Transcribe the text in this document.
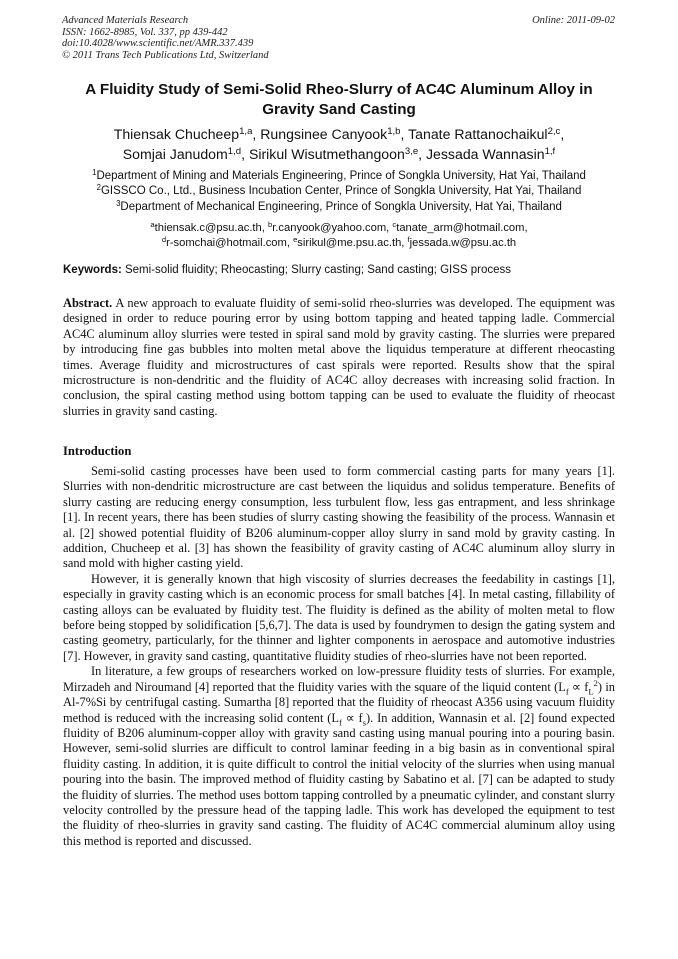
Advanced Materials Research
ISSN: 1662-8985, Vol. 337, pp 439-442
doi:10.4028/www.scientific.net/AMR.337.439
© 2011 Trans Tech Publications Ltd, Switzerland
Online: 2011-09-02
A Fluidity Study of Semi-Solid Rheo-Slurry of AC4C Aluminum Alloy in
Gravity Sand Casting
Thiensak Chucheep$^{1,a}$, Rungsinee Canyook$^{1,b}$, Tanate Rattanochaikul$^{2,c}$,
Somjai Janudom$^{1,d}$, Sirikul Wisutmethangoon$^{3,e}$, Jessada Wannasin$^{1,f}$
$^1$Department of Mining and Materials Engineering, Prince of Songkla University, Hat Yai, Thailand
$^2$GISSCO Co., Ltd., Business Incubation Center, Prince of Songkla University, Hat Yai, Thailand
$^3$Department of Mechanical Engineering, Prince of Songkla University, Hat Yai, Thailand
$^a$thiensak.c@psu.ac.th, $^b$r.canyook@yahoo.com, $^c$tanate_arm@hotmail.com,
$^d$r-somchai@hotmail.com, $^e$sirikul@me.psu.ac.th, $^f$jessada.w@psu.ac.th
Keywords: Semi-solid fluidity; Rheocasting; Slurry casting; Sand casting; GISS process
Abstract. A new approach to evaluate fluidity of semi-solid rheo-slurries was developed. The equipment was designed in order to reduce pouring error by using bottom tapping and heated tapping ladle. Commercial AC4C aluminum alloy slurries were tested in spiral sand mold by gravity casting. The slurries were prepared by introducing fine gas bubbles into molten metal above the liquidus temperature at different rheocasting times. Average fluidity and microstructures of cast spirals were reported. Results show that the spiral microstructure is non-dendritic and the fluidity of AC4C alloy decreases with increasing solid fraction. In conclusion, the spiral casting method using bottom tapping can be used to evaluate the fluidity of rheocast slurries in gravity sand casting.
Introduction

Semi-solid casting processes have been used to form commercial casting parts for many years [1]. Slurries with non-dendritic microstructure are cast between the liquidus and solidus temperature. Benefits of slurry casting are reducing energy consumption, less turbulent flow, less gas entrapment, and less shrinkage [1]. In recent years, there has been studies of slurry casting showing the feasibility of the process. Wannasin et al. [2] showed potential fluidity of B206 aluminum-copper alloy slurry in sand mold by gravity casting. In addition, Chucheep et al. [3] has shown the feasibility of gravity casting of AC4C aluminum alloy slurry in sand mold with higher casting yield.

However, it is generally known that high viscosity of slurries decreases the feedability in castings [1], especially in gravity casting which is an economic process for small batches [4]. In metal casting, fillability of casting alloys can be evaluated by fluidity test. The fluidity is defined as the ability of molten metal to flow before being stopped by solidification [5,6,7]. The data is used by foundrymen to design the gating system and casting geometry, particularly, for the thinner and lighter components in aerospace and automotive industries [7]. However, in gravity sand casting, quantitative fluidity studies of rheo-slurries have not been reported.

In literature, a few groups of researchers worked on low-pressure fluidity tests of slurries. For example, Mirzadeh and Niroumand [4] reported that the fluidity varies with the square of the liquid content $(L_f \propto f_L^2)$ in Al-7%Si by centrifugal casting. Sumartha [8] reported that the fluidity of rheocast A356 using vacuum fluidity method is reduced with the increasing solid content $(L_f \propto f_s)$. In addition, Wannasin et al. [2] found expected fluidity of B206 aluminum-copper alloy with gravity sand casting using manual pouring into a pouring basin. However, semi-solid slurries are difficult to control laminar feeding in a big basin as in conventional spiral fluidity casting. In addition, it is quite difficult to control the initial velocity of the slurries when using manual pouring into the basin. The improved method of fluidity casting by Sabatino et al. [7] can be adapted to study the fluidity of slurries. The method uses bottom tapping controlled by a pneumatic cylinder, and constant slurry velocity controlled by the pressure head of the tapping ladle. This work has developed the equipment to test the fluidity of rheo-slurries in gravity sand casting. The fluidity of AC4C commercial aluminum alloy using this method is reported and discussed.
